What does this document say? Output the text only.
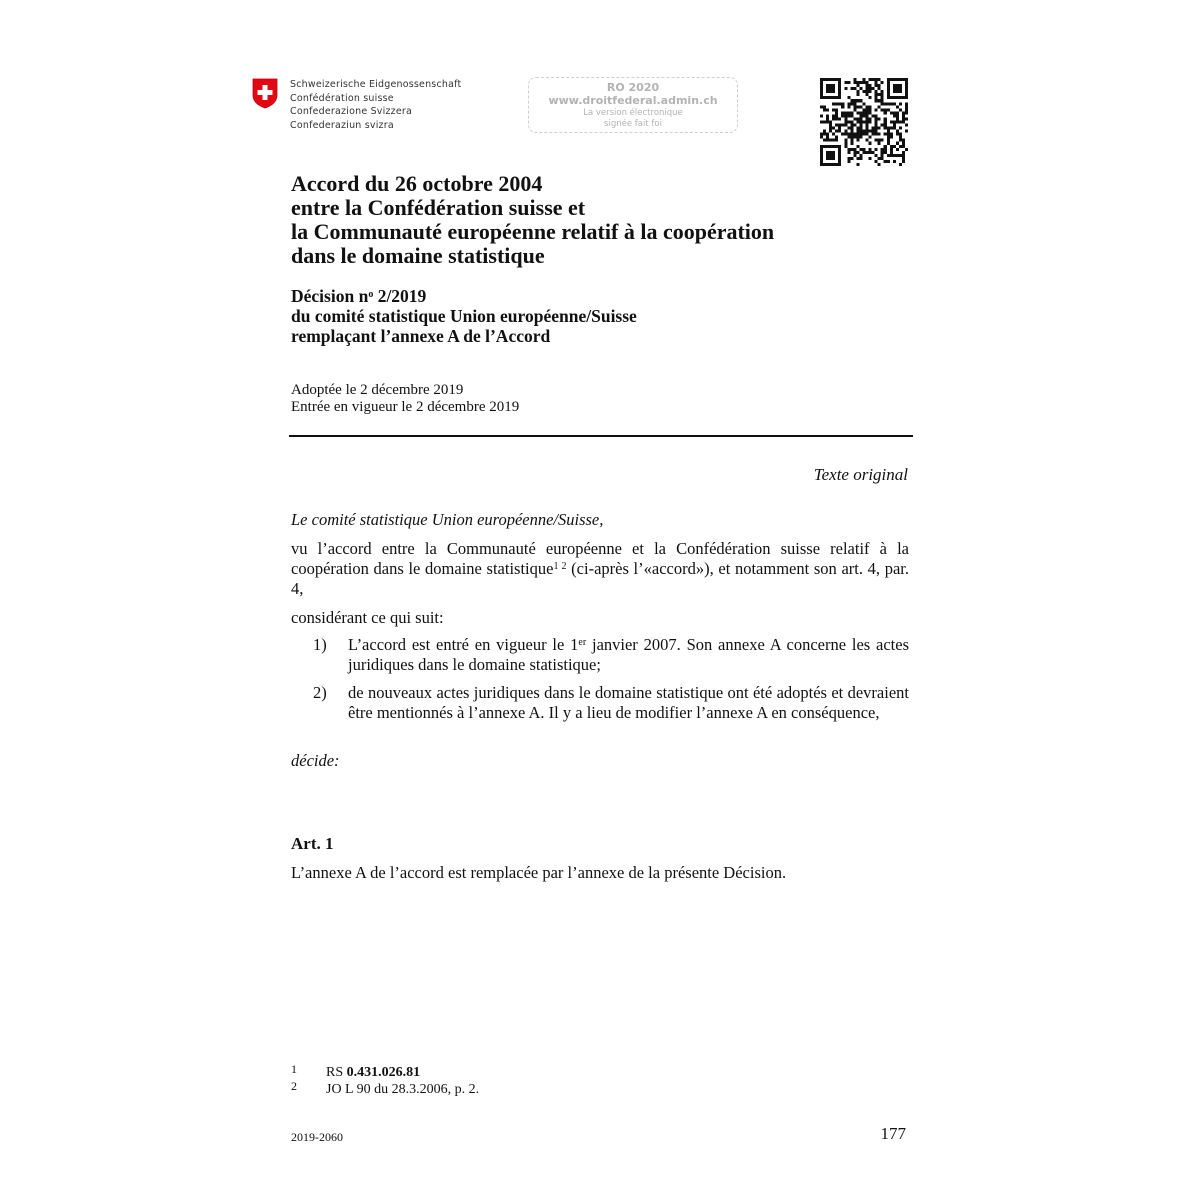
Schweizerische Eidgenossenschaft
Confédération suisse
Confederazione Svizzera
Confederaziun svizra
RO 2020
www.droitfederal.admin.ch
La version électronique
signée fait foi
Accord du 26 octobre 2004
entre la Confédération suisse et
la Communauté européenne relatif à la coopération
dans le domaine statistique
Décision $n^o$ 2/2019
du comité statistique Union européenne/Suisse
remplaçant l’annexe A de l’Accord
Adoptée le 2 décembre 2019
Entrée en vigueur le 2 décembre 2019
Texte original
Le comité statistique Union européenne/Suisse,
vu l’accord entre la Communauté européenne et la Confédération suisse relatif à la coopération dans le domaine statistique$^{1 2}$ (ci-après l’«accord»), et notamment son art. 4, par. 4,
considérant ce qui suit:
1) L’accord est entré en vigueur le 1er janvier 2007. Son annexe A concerne les actes juridiques dans le domaine statistique;
2) de nouveaux actes juridiques dans le domaine statistique ont été adoptés et devraient être mentionnés à l’annexe A. Il y a lieu de modifier l’annexe A en conséquence,
décide:
Art. 1
L’annexe A de l’accord est remplacée par l’annexe de la présente Décision.
1 RS 0.431.026.81
2 JO L 90 du 28.3.2006, p. 2.
2019-2060	177
